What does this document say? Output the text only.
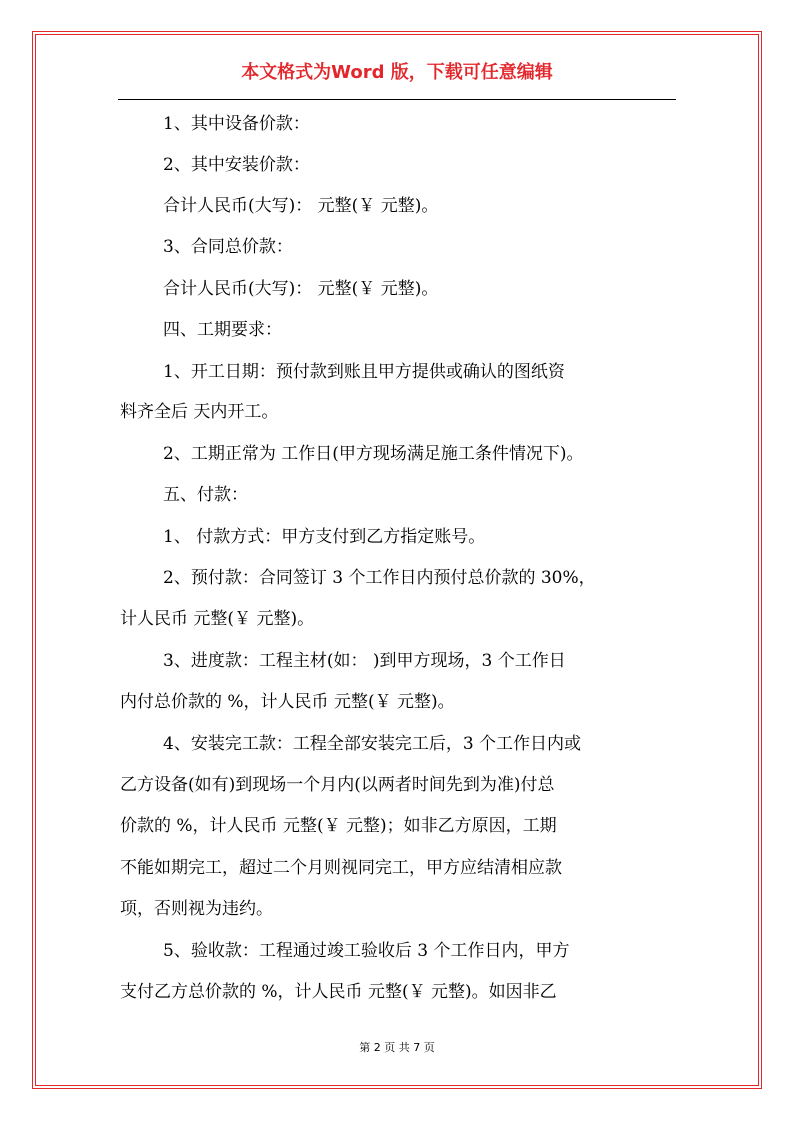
本文格式为Word 版，下载可任意编辑
1、其中设备价款：
2、其中安装价款：
合计人民币(大写)： 元整(￥ 元整)。
3、合同总价款：
合计人民币(大写)： 元整(￥ 元整)。
四、工期要求：
1、开工日期：预付款到账且甲方提供或确认的图纸资
料齐全后 天内开工。
2、工期正常为 工作日(甲方现场满足施工条件情况下)。
五、付款：
1、 付款方式：甲方支付到乙方指定账号。
2、预付款：合同签订 3 个工作日内预付总价款的 30%，
计人民币 元整(￥ 元整)。
3、进度款：工程主材(如： )到甲方现场，3 个工作日
内付总价款的 %，计人民币 元整(￥ 元整)。
4、安装完工款：工程全部安装完工后，3 个工作日内或
乙方设备(如有)到现场一个月内(以两者时间先到为准)付总
价款的 %，计人民币 元整(￥ 元整)；如非乙方原因，工期
不能如期完工，超过二个月则视同完工，甲方应结清相应款
项，否则视为违约。
5、验收款：工程通过竣工验收后 3 个工作日内，甲方
支付乙方总价款的 %，计人民币 元整(￥ 元整)。如因非乙
第 2 页 共 7 页
